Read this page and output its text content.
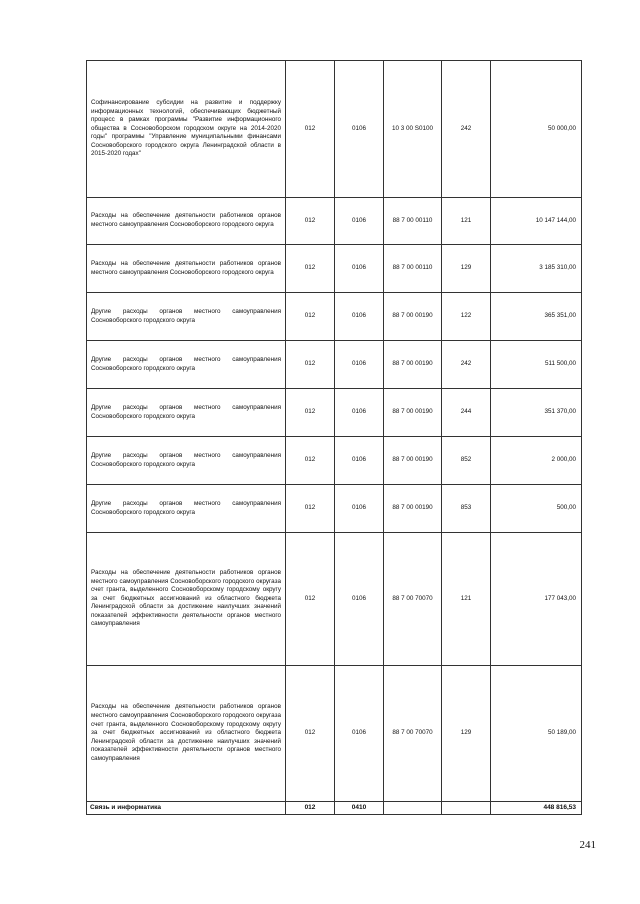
Софинансирование субсидии на развитие и поддержку информационных технологий, обеспечивающих бюджетный процесс в рамках программы "Развитие информационного общества в Сосновоборском городском округе на 2014-2020 годы" программы "Управление муниципальными финансами Сосновоборского городского округа Ленинградской области в 2015-2020 годах"	012	0106	10 3 00 S0100	242	50 000,00
Расходы на обеспечение деятельности работников органов местного самоуправления Сосновоборского городского округа	012	0106	88 7 00 00110	121	10 147 144,00
Расходы на обеспечение деятельности работников органов местного самоуправления Сосновоборского городского округа	012	0106	88 7 00 00110	129	3 185 310,00
Другие расходы органов местного самоуправления Сосновоборского городского округа	012	0106	88 7 00 00190	122	365 351,00
Другие расходы органов местного самоуправления Сосновоборского городского округа	012	0106	88 7 00 00190	242	511 500,00
Другие расходы органов местного самоуправления Сосновоборского городского округа	012	0106	88 7 00 00190	244	351 370,00
Другие расходы органов местного самоуправления Сосновоборского городского округа	012	0106	88 7 00 00190	852	2 000,00
Другие расходы органов местного самоуправления Сосновоборского городского округа	012	0106	88 7 00 00190	853	500,00
Расходы на обеспечение деятельности работников органов местного самоуправления Сосновоборского городского округаза счет гранта, выделенного Сосновоборскому городскому округу за счет бюджетных ассигнований из областного бюджета Ленинградской области за достижение наилучших значений показателей эффективности деятельности органов местного самоуправления	012	0106	88 7 00 70070	121	177 043,00
Расходы на обеспечение деятельности работников органов местного самоуправления Сосновоборского городского округаза счет гранта, выделенного Сосновоборскому городскому округу за счет бюджетных ассигнований из областного бюджета Ленинградской области за достижение наилучших значений показателей эффективности деятельности органов местного самоуправления	012	0106	88 7 00 70070	129	50 189,00
Связь и информатика	012	0410			448 816,53
241
